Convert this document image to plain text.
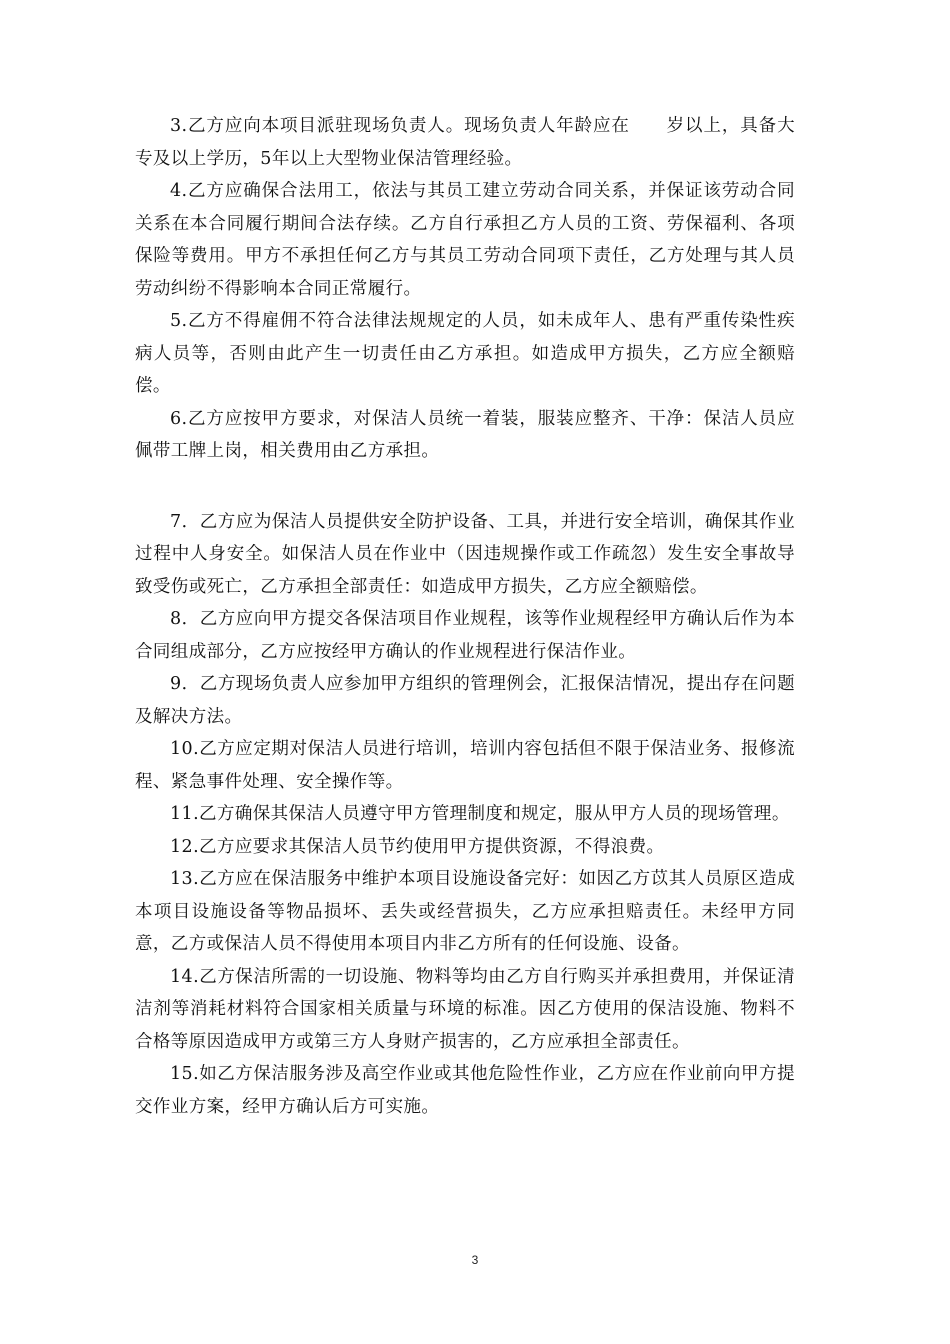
3.乙方应向本项目派驻现场负责人。现场负责人年龄应在　　岁以上，具备大专及以上学历，5年以上大型物业保洁管理经验。

4.乙方应确保合法用工，依法与其员工建立劳动合同关系，并保证该劳动合同关系在本合同履行期间合法存续。乙方自行承担乙方人员的工资、劳保福利、各项保险等费用。甲方不承担任何乙方与其员工劳动合同项下责任，乙方处理与其人员劳动纠纷不得影响本合同正常履行。

5.乙方不得雇佣不符合法律法规规定的人员，如未成年人、患有严重传染性疾病人员等，否则由此产生一切责任由乙方承担。如造成甲方损失，乙方应全额赔偿。

6.乙方应按甲方要求，对保洁人员统一着装，服装应整齐、干净：保洁人员应佩带工牌上岗，相关费用由乙方承担。

7．乙方应为保洁人员提供安全防护设备、工具，并进行安全培训，确保其作业过程中人身安全。如保洁人员在作业中（因违规操作或工作疏忽）发生安全事故导致受伤或死亡，乙方承担全部责任：如造成甲方损失，乙方应全额赔偿。

8．乙方应向甲方提交各保洁项目作业规程，该等作业规程经甲方确认后作为本合同组成部分，乙方应按经甲方确认的作业规程进行保洁作业。

9．乙方现场负责人应参加甲方组织的管理例会，汇报保洁情况，提出存在问题及解决方法。

10.乙方应定期对保洁人员进行培训，培训内容包括但不限于保洁业务、报修流程、紧急事件处理、安全操作等。

11.乙方确保其保洁人员遵守甲方管理制度和规定，服从甲方人员的现场管理。

12.乙方应要求其保洁人员节约使用甲方提供资源，不得浪费。

13.乙方应在保洁服务中维护本项目设施设备完好：如因乙方苡其人员原区造成本项目设施设备等物品损坏、丢失或经营损失，乙方应承担赔责任。未经甲方同意，乙方或保洁人员不得使用本项目内非乙方所有的任何设施、设备。

14.乙方保洁所需的一切设施、物料等均由乙方自行购买并承担费用，并保证清洁剂等消耗材料符合国家相关质量与环境的标准。因乙方使用的保洁设施、物料不合格等原因造成甲方或第三方人身财产损害的，乙方应承担全部责任。

15.如乙方保洁服务涉及高空作业或其他危险性作业，乙方应在作业前向甲方提交作业方案，经甲方确认后方可实施。

3
